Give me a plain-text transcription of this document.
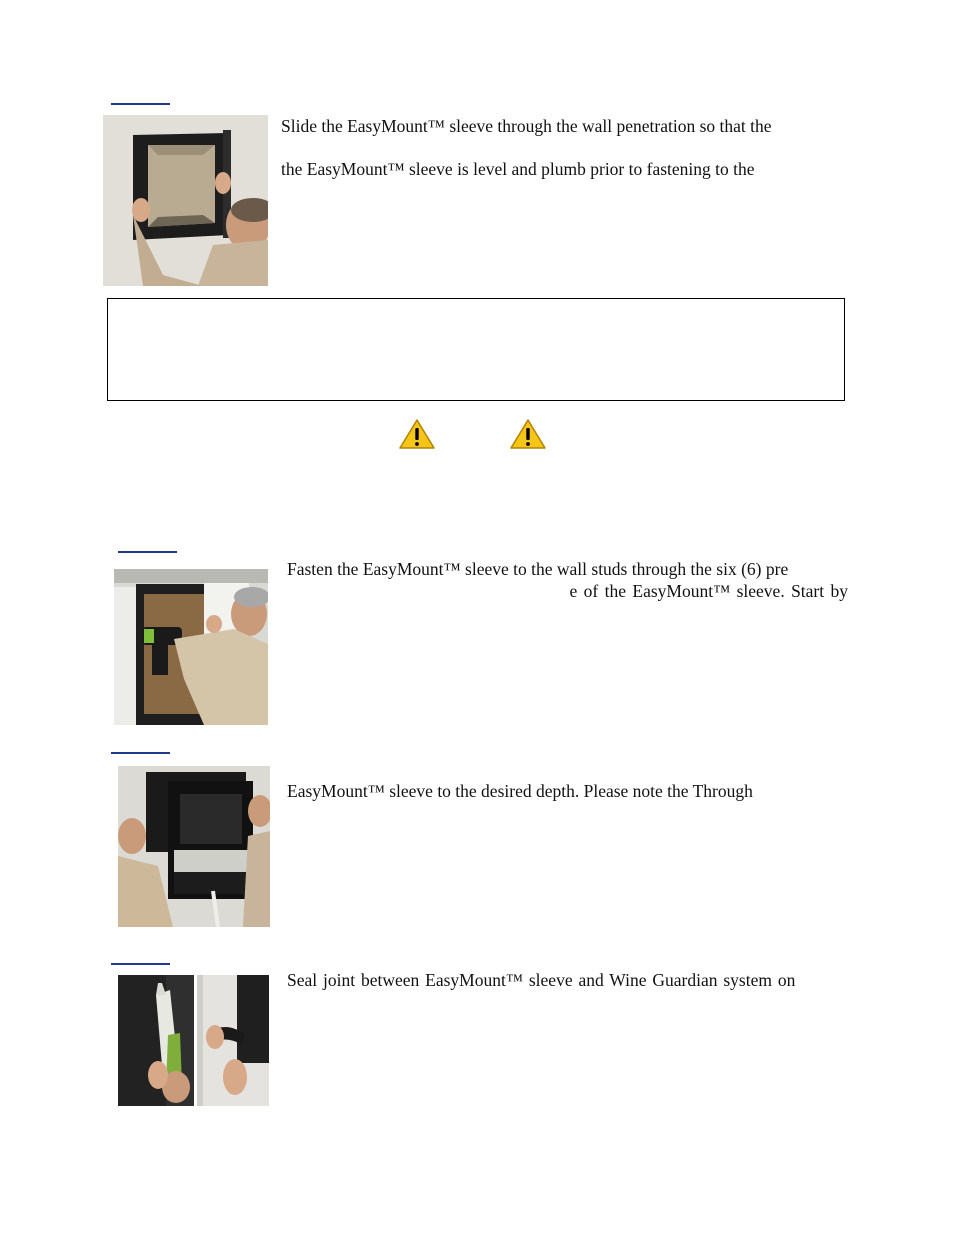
Slide the EasyMount™ sleeve through the wall penetration so that the
the EasyMount™ sleeve is level and plumb prior to fastening to the
Fasten the EasyMount™ sleeve to the wall studs through the six (6) pre
e of the EasyMount™ sleeve. Start by
EasyMount™ sleeve to the desired depth. Please note the Through
Seal joint between EasyMount™ sleeve and Wine Guardian system on
